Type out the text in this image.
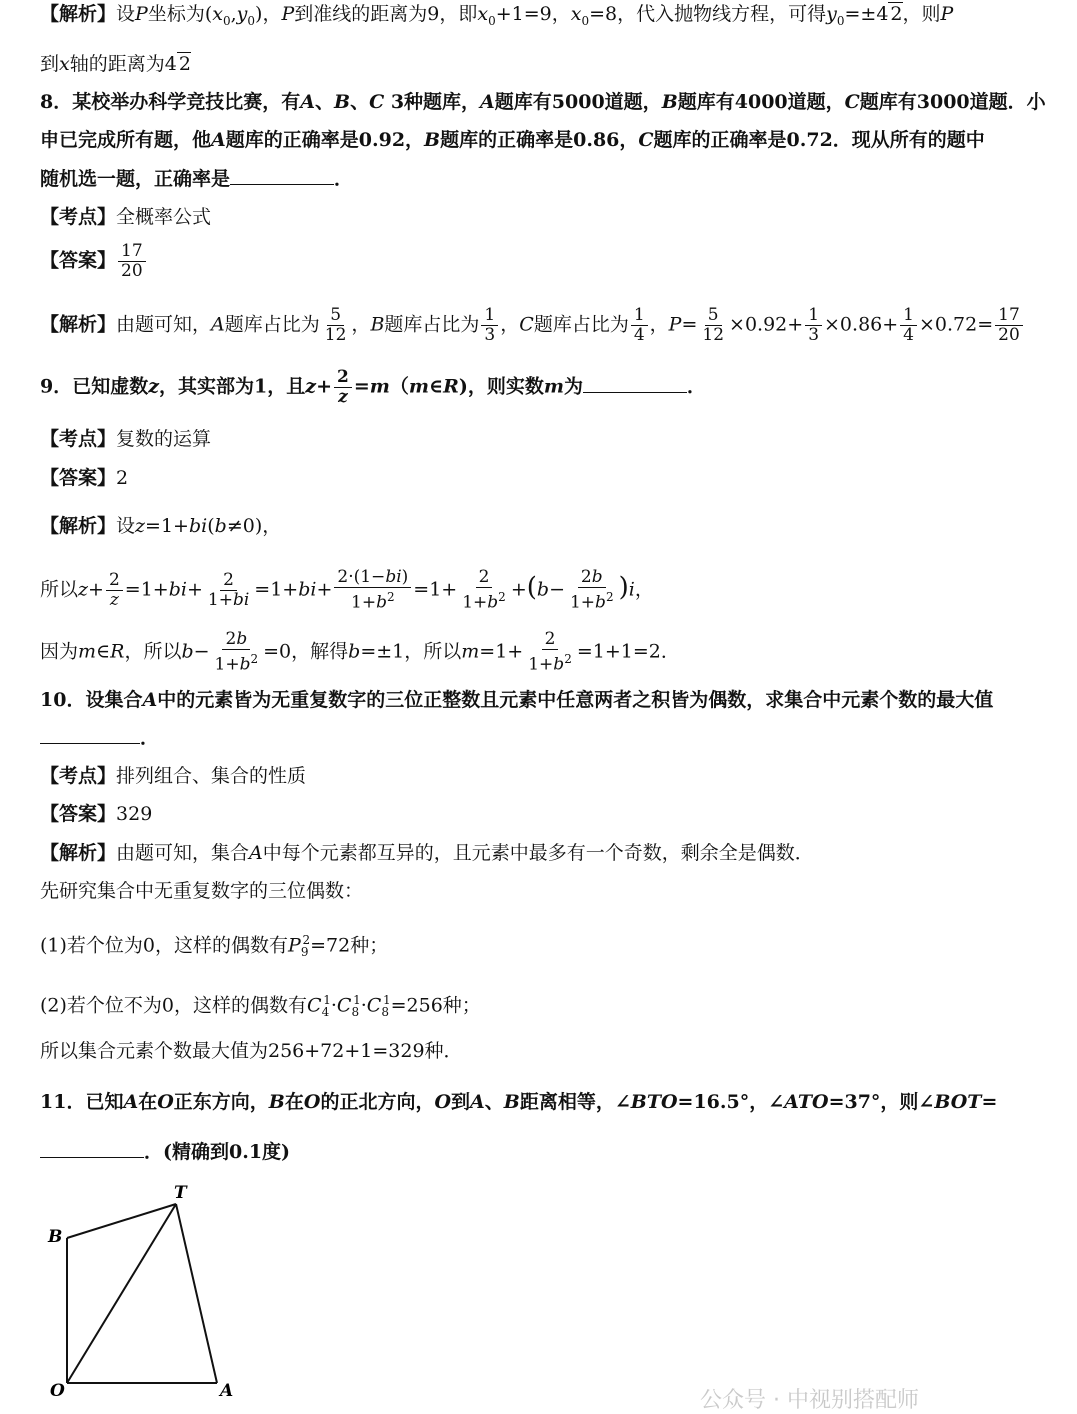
【解析】设P坐标为$(x_0,y_0)$，P到准线的距离为9，即$x_0+1=9$，$x_0=8$，代入抛物线方程，可得$y_0=\pm 4$ 2，则P
到x轴的距离为4 2
8．某校举办科学竞技比赛，有A、B、C 3种题库，A题库有5000道题，B题库有4000道题，C题库有3000道题．小
申已完成所有题，他A题库的正确率是0.92，B题库的正确率是0.86，C题库的正确率是0.72．现从所有的题中
随机选一题，正确率是	．
【考点】全概率公式
【答案】 $\frac{17}{20}$
【解析】由题可知，A题库占比为 $\frac{5}{12}$ ，B题库占比为 $\frac{1}{3}$ ，C题库占比为 $\frac{1}{4}$ ，$P= \frac{5}{12} \times 0.92+ \frac{1}{3} \times 0.86+ \frac{1}{4} \times 0.72= \frac{17}{20}$
9．已知虚数z，其实部为1，且$z+ \frac{2}{z}$ =m（m∈R)，则实数m为	．
【考点】复数的运算
【答案】2
【解析】设z=1+bi(b≠0)，
所以$z+ \frac{2}{z} =1+bi+ \frac{2}{1+bi} =1+bi+ \frac{2\cdot(1-bi)}{1+b^2} =1+ \frac{2}{1+b^2} +(b- \frac{2b}{1+b^2} )i$，
因为m∈R，所以$b- \frac{2b}{1+b^2} =0$，解得b=±1，所以$m=1+ \frac{2}{1+b^2} =1+1=2$．
10．设集合A中的元素皆为无重复数字的三位正整数且元素中任意两者之积皆为偶数，求集合中元素个数的最大值
．
【考点】排列组合、集合的性质
【答案】329
【解析】由题可知，集合A中每个元素都互异的，且元素中最多有一个奇数，剩余全是偶数．
先研究集合中无重复数字的三位偶数：
(1)若个位为0，这样的偶数有$P_9^2=72$种；
(2)若个位不为0，这样的偶数有$C_4^1\cdot C_8^1\cdot C_8^1=256$种；
所以集合元素个数最大值为256+72+1=329种．
11．已知A在O正东方向，B在O的正北方向，O到A、B距离相等，∠BTO=16.5°，∠ATO=37°，则∠BOT=
．(精确到0.1度)
T
B
O	A	公众号 · 中视别搭配师
